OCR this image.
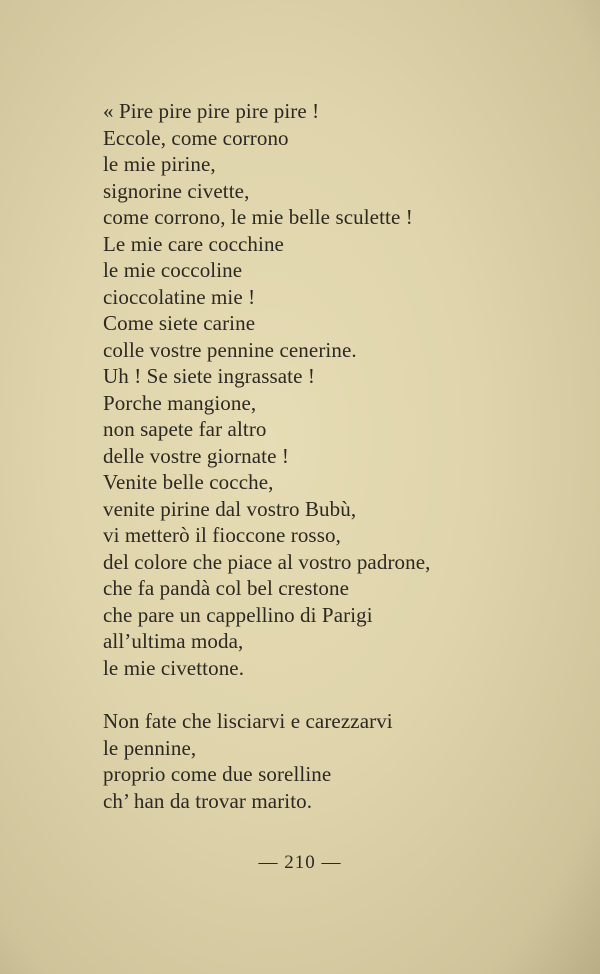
« Pire pire pire pire pire !
Eccole, come corrono
le mie pirine,
signorine civette,
come corrono, le mie belle sculette !
Le mie care cocchine
le mie coccoline
cioccolatine mie !
Come siete carine
colle vostre pennine cenerine.
Uh ! Se siete ingrassate !
Porche mangione,
non sapete far altro
delle vostre giornate !
Venite belle cocche,
venite pirine dal vostro Bubù,
vi metterò il fioccone rosso,
del colore che piace al vostro padrone,
che fa pandà col bel crestone
che pare un cappellino di Parigi
all’ultima moda,
le mie civettone.
Non fate che lisciarvi e carezzarvi
le pennine,
proprio come due sorelline
ch’ han da trovar marito.
— 210 —
